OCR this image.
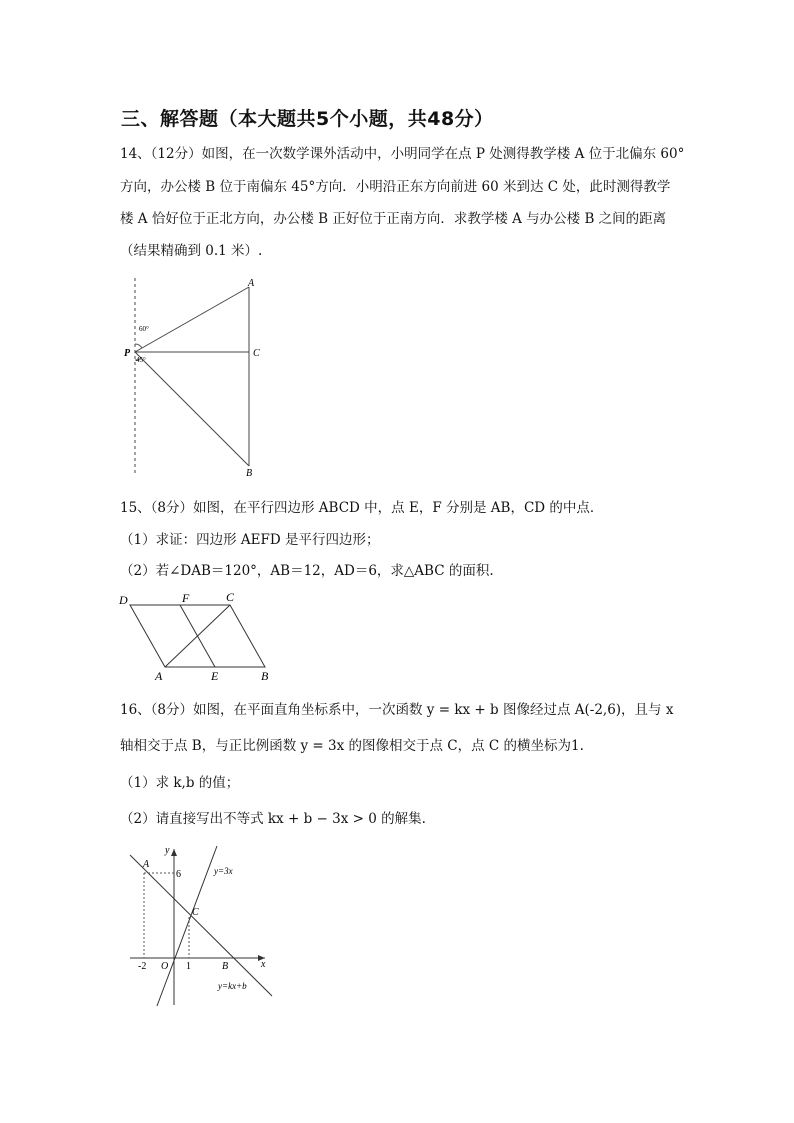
三、解答题（本大题共5个小题，共48分）
14、（12分）如图，在一次数学课外活动中，小明同学在点 P 处测得教学楼 A 位于北偏东 60°
方向，办公楼 B 位于南偏东 45°方向．小明沿正东方向前进 60 米到达 C 处，此时测得教学
楼 A 恰好位于正北方向，办公楼 B 正好位于正南方向．求教学楼 A 与办公楼 B 之间的距离
（结果精确到 0.1 米）.
A
C
B
P
60°
45°
15、（8分）如图，在平行四边形 ABCD 中，点 E，F 分别是 AB，CD 的中点．
（1）求证：四边形 AEFD 是平行四边形；
（2）若∠DAB＝120°，AB＝12，AD＝6，求△ABC 的面积.
D	F	C
A	E	B
16、（8分）如图，在平面直角坐标系中，一次函数 y = kx + b 图像经过点 A(-2,6)，且与 x
轴相交于点 B，与正比例函数 y = 3x 的图像相交于点 C，点 C 的横坐标为1.
（1）求 k,b 的值；
（2）请直接写出不等式 kx + b − 3x > 0 的解集.
A
C
B
O	x
y
6
-2	1
y=3x
y=kx+b
